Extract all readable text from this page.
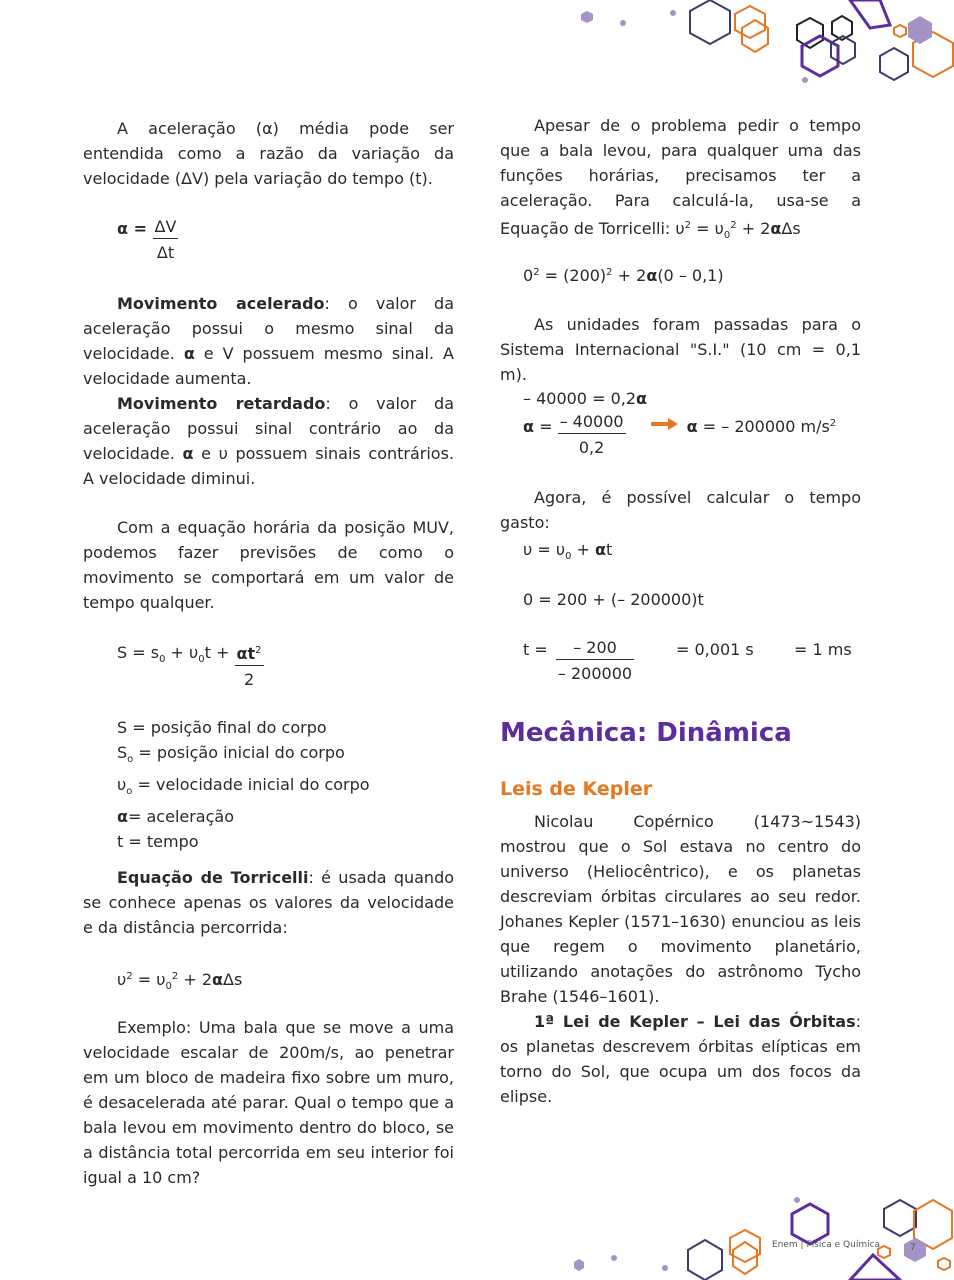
A aceleração (α) média pode ser entendida como a razão da variação da velocidade (ΔV) pela variação do tempo (t).

$\alpha = \frac{\Delta V}{\Delta t}$

Movimento acelerado: o valor da aceleração possui o mesmo sinal da velocidade. α e V possuem mesmo sinal. A velocidade aumenta.

Movimento retardado: o valor da aceleração possui sinal contrário ao da velocidade. α e υ possuem sinais contrários. A velocidade diminui.

Com a equação horária da posição MUV, podemos fazer previsões de como o movimento se comportará em um valor de tempo qualquer.

$S = s_0 + \upsilon_0t + \frac{\alpha t^2}{2}$
S = posição final do corpo
$S_o$ = posição inicial do corpo
$\upsilon_o$ = velocidade inicial do corpo
α= aceleração
t = tempo

Equação de Torricelli: é usada quando se conhece apenas os valores da velocidade e da distância percorrida:

$\upsilon^2 = \upsilon_0^2 + 2\alpha\Delta s$

Exemplo: Uma bala que se move a uma velocidade escalar de 200m/s, ao penetrar em um bloco de madeira fixo sobre um muro, é desacelerada até parar. Qual o tempo que a bala levou em movimento dentro do bloco, se a distância total percorrida em seu interior foi igual a 10 cm?

Apesar de o problema pedir o tempo que a bala levou, para qualquer uma das funções horárias, precisamos ter a aceleração. Para calculá-la, usa-se a Equação de Torricelli: $\upsilon^2 = \upsilon_0^2 + 2\alpha\Delta s$

$0^2 = (200)^2 + 2\alpha(0 - 0,1)$

As unidades foram passadas para o Sistema Internacional "S.I." (10 cm = 0,1 m).

– 40000 = 0,2α
$\alpha = \frac{- 40000}{0,2}$	α = – 200000 $m/s^2$

Agora, é possível calcular o tempo gasto:

$\upsilon = \upsilon_0 + \alpha t$
0 = 200 + (– 200000)t
$t = \frac{- 200}{- 200000}$	= 0,001 s	= 1 ms
Mecânica: Dinâmica
Leis de Kepler

Nicolau Copérnico (1473~1543) mostrou que o Sol estava no centro do universo (Heliocêntrico), e os planetas descreviam órbitas circulares ao seu redor. Johanes Kepler (1571–1630) enunciou as leis que regem o movimento planetário, utilizando anotações do astrônomo Tycho Brahe (1546–1601).

1ª Lei de Kepler – Lei das Órbitas: os planetas descrevem órbitas elípticas em torno do Sol, que ocupa um dos focos da elipse.

Enem | Física e Química	7
